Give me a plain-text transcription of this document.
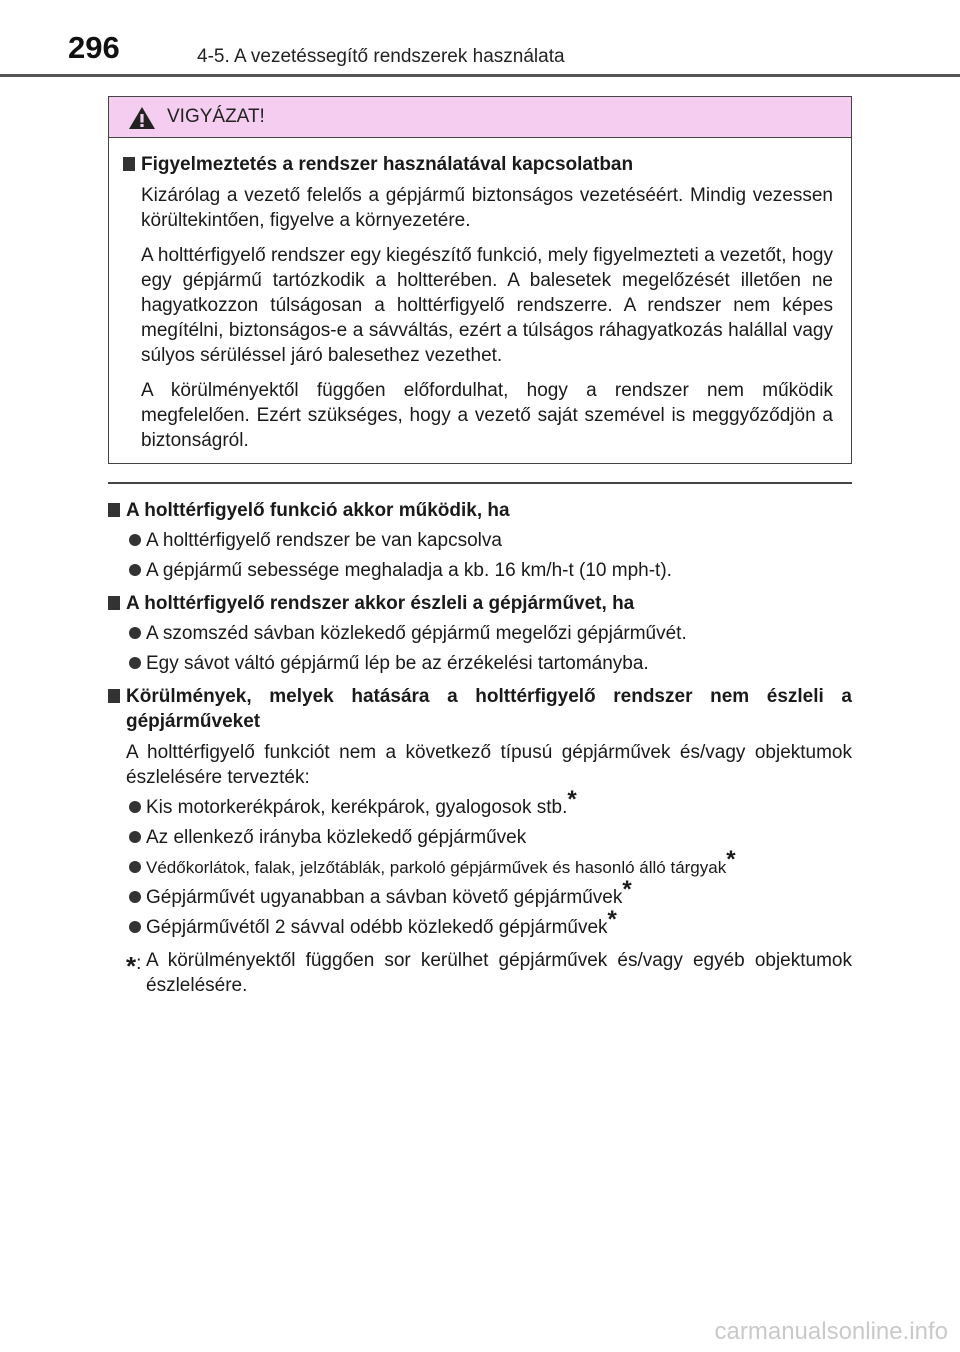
296	4-5. A vezetéssegítő rendszerek használata
VIGYÁZAT!
Figyelmeztetés a rendszer használatával kapcsolatban
Kizárólag a vezető felelős a gépjármű biztonságos vezetéséért. Mindig vezessen körültekintően, figyelve a környezetére.
A holttérfigyelő rendszer egy kiegészítő funkció, mely figyelmezteti a vezetőt, hogy egy gépjármű tartózkodik a holtterében. A balesetek megelőzését illetően ne hagyatkozzon túlságosan a holttérfigyelő rendszerre. A rendszer nem képes megítélni, biztonságos-e a sávváltás, ezért a túlságos ráhagyatkozás halállal vagy súlyos sérüléssel járó balesethez vezethet.
A körülményektől függően előfordulhat, hogy a rendszer nem működik megfelelően. Ezért szükséges, hogy a vezető saját szemével is meggyőződjön a biztonságról.
A holttérfigyelő funkció akkor működik, ha
A holttérfigyelő rendszer be van kapcsolva
A gépjármű sebessége meghaladja a kb. 16 km/h-t (10 mph-t).
A holttérfigyelő rendszer akkor észleli a gépjárművet, ha
A szomszéd sávban közlekedő gépjármű megelőzi gépjárművét.
Egy sávot váltó gépjármű lép be az érzékelési tartományba.
Körülmények, melyek hatására a holttérfigyelő rendszer nem észleli a gépjárműveket
A holttérfigyelő funkciót nem a következő típusú gépjárművek és/vagy objektumok észlelésére tervezték:
Kis motorkerékpárok, kerékpárok, gyalogosok stb.*
Az ellenkező irányba közlekedő gépjárművek
Védőkorlátok, falak, jelzőtáblák, parkoló gépjárművek és hasonló álló tárgyak*
Gépjárművét ugyanabban a sávban követő gépjárművek*
Gépjárművétől 2 sávval odébb közlekedő gépjárművek*
*: A körülményektől függően sor kerülhet gépjárművek és/vagy egyéb objektumok észlelésére.
carmanualsonline.info
